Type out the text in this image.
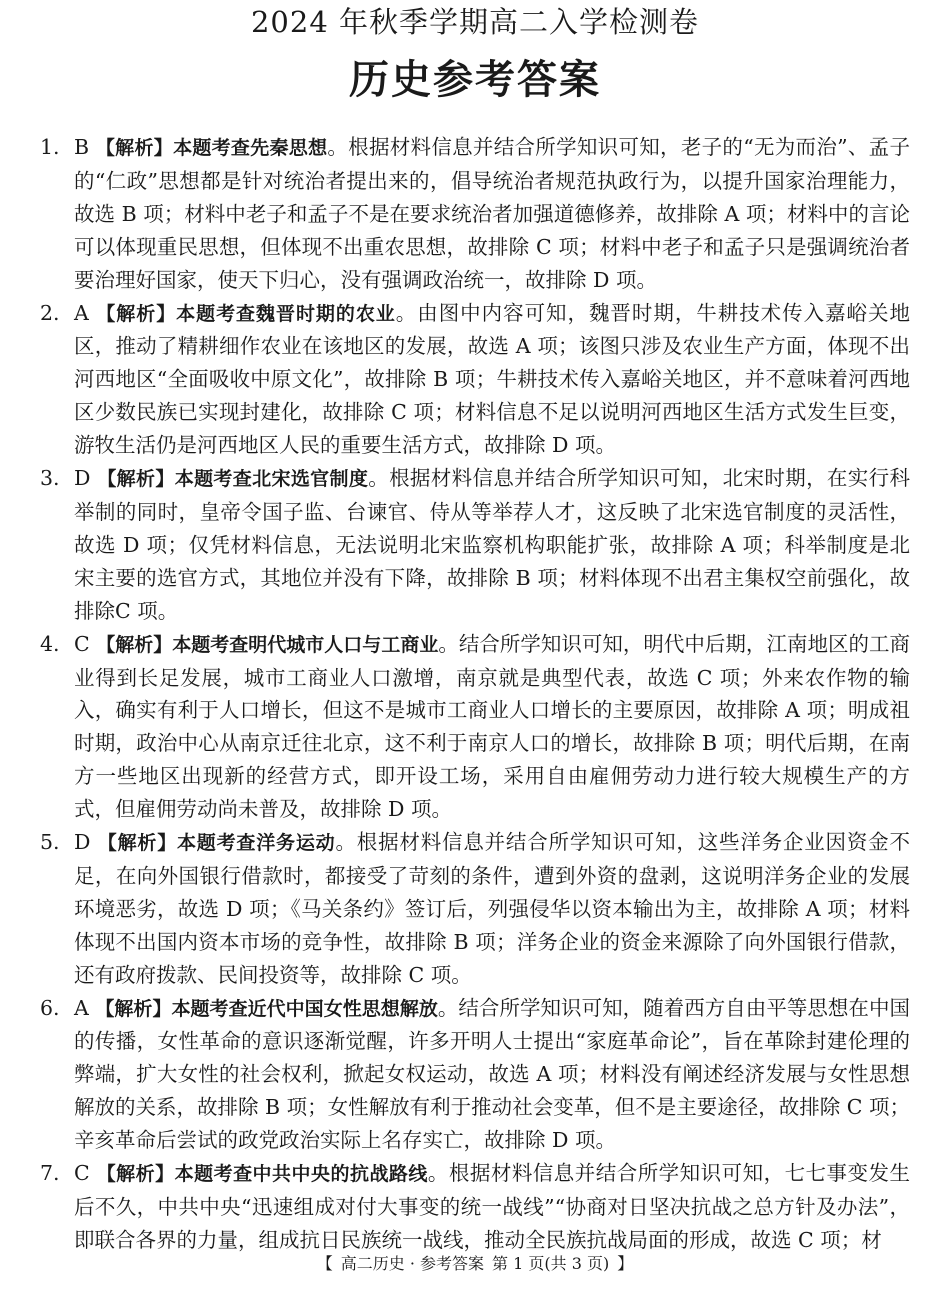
2024 年秋季学期高二入学检测卷
历史参考答案
1. B 【解析】本题考查先秦思想。根据材料信息并结合所学知识可知，老子的“无为而治”、孟子的“仁政”思想都是针对统治者提出来的，倡导统治者规范执政行为，以提升国家治理能力，故选 B 项；材料中老子和孟子不是在要求统治者加强道德修养，故排除 A 项；材料中的言论可以体现重民思想，但体现不出重农思想，故排除 C 项；材料中老子和孟子只是强调统治者要治理好国家，使天下归心，没有强调政治统一，故排除 D 项。
2. A 【解析】本题考查魏晋时期的农业。由图中内容可知，魏晋时期，牛耕技术传入嘉峪关地区，推动了精耕细作农业在该地区的发展，故选 A 项；该图只涉及农业生产方面，体现不出河西地区“全面吸收中原文化”，故排除 B 项；牛耕技术传入嘉峪关地区，并不意味着河西地区少数民族已实现封建化，故排除 C 项；材料信息不足以说明河西地区生活方式发生巨变，游牧生活仍是河西地区人民的重要生活方式，故排除 D 项。
3. D 【解析】本题考查北宋选官制度。根据材料信息并结合所学知识可知，北宋时期，在实行科举制的同时，皇帝令国子监、台谏官、侍从等举荐人才，这反映了北宋选官制度的灵活性，故选 D 项；仅凭材料信息，无法说明北宋监察机构职能扩张，故排除 A 项；科举制度是北宋主要的选官方式，其地位并没有下降，故排除 B 项；材料体现不出君主集权空前强化，故排除C 项。
4. C 【解析】本题考查明代城市人口与工商业。结合所学知识可知，明代中后期，江南地区的工商业得到长足发展，城市工商业人口激增，南京就是典型代表，故选 C 项；外来农作物的输入，确实有利于人口增长，但这不是城市工商业人口增长的主要原因，故排除 A 项；明成祖时期，政治中心从南京迁往北京，这不利于南京人口的增长，故排除 B 项；明代后期，在南方一些地区出现新的经营方式，即开设工场，采用自由雇佣劳动力进行较大规模生产的方式，但雇佣劳动尚未普及，故排除 D 项。
5. D 【解析】本题考查洋务运动。根据材料信息并结合所学知识可知，这些洋务企业因资金不足，在向外国银行借款时，都接受了苛刻的条件，遭到外资的盘剥，这说明洋务企业的发展环境恶劣，故选 D 项；《马关条约》签订后，列强侵华以资本输出为主，故排除 A 项；材料体现不出国内资本市场的竞争性，故排除 B 项；洋务企业的资金来源除了向外国银行借款，还有政府拨款、民间投资等，故排除 C 项。
6. A 【解析】本题考查近代中国女性思想解放。结合所学知识可知，随着西方自由平等思想在中国的传播，女性革命的意识逐渐觉醒，许多开明人士提出“家庭革命论”，旨在革除封建伦理的弊端，扩大女性的社会权利，掀起女权运动，故选 A 项；材料没有阐述经济发展与女性思想解放的关系，故排除 B 项；女性解放有利于推动社会变革，但不是主要途径，故排除 C 项；辛亥革命后尝试的政党政治实际上名存实亡，故排除 D 项。
7. C 【解析】本题考查中共中央的抗战路线。根据材料信息并结合所学知识可知，七七事变发生后不久，中共中央“迅速组成对付大事变的统一战线”“协商对日坚决抗战之总方针及办法”，即联合各界的力量，组成抗日民族统一战线，推动全民族抗战局面的形成，故选 C 项；材
【 高二历史 · 参考答案 第 1 页(共 3 页) 】
